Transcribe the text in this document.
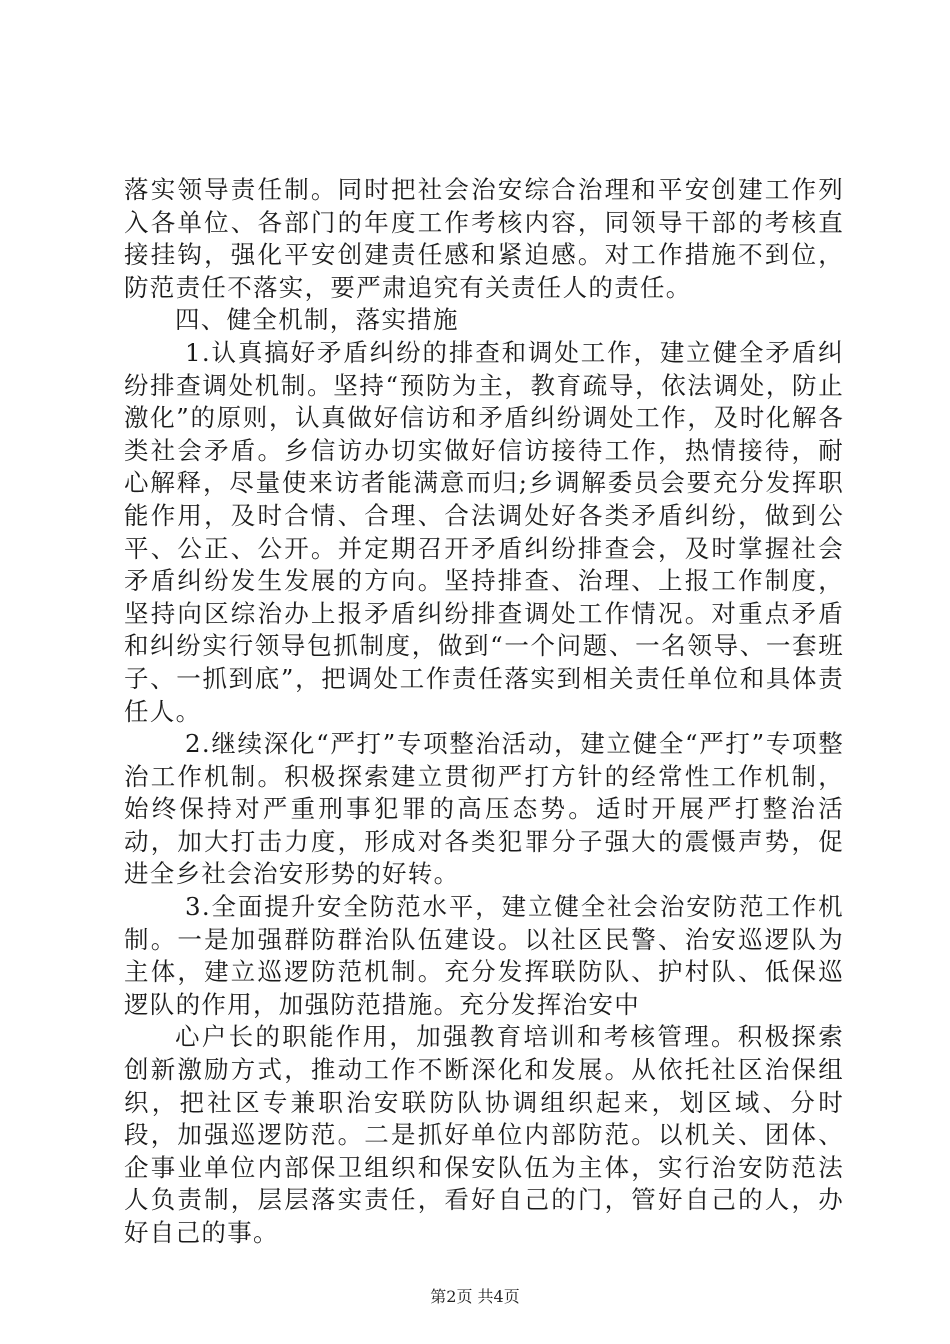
落实领导责任制。同时把社会治安综合治理和平安创建工作列入各单位、各部门的年度工作考核内容，同领导干部的考核直接挂钩，强化平安创建责任感和紧迫感。对工作措施不到位，防范责任不落实，要严肃追究有关责任人的责任。

四、健全机制，落实措施

1.认真搞好矛盾纠纷的排查和调处工作，建立健全矛盾纠纷排查调处机制。坚持“预防为主，教育疏导，依法调处，防止激化”的原则，认真做好信访和矛盾纠纷调处工作，及时化解各类社会矛盾。乡信访办切实做好信访接待工作，热情接待，耐心解释，尽量使来访者能满意而归;乡调解委员会要充分发挥职能作用，及时合情、合理、合法调处好各类矛盾纠纷，做到公平、公正、公开。并定期召开矛盾纠纷排查会，及时掌握社会矛盾纠纷发生发展的方向。坚持排查、治理、上报工作制度，坚持向区综治办上报矛盾纠纷排查调处工作情况。对重点矛盾和纠纷实行领导包抓制度，做到“一个问题、一名领导、一套班子、一抓到底”，把调处工作责任落实到相关责任单位和具体责任人。

2.继续深化“严打”专项整治活动，建立健全“严打”专项整治工作机制。积极探索建立贯彻严打方针的经常性工作机制，始终保持对严重刑事犯罪的高压态势。适时开展严打整治活动，加大打击力度，形成对各类犯罪分子强大的震慑声势，促进全乡社会治安形势的好转。

3.全面提升安全防范水平，建立健全社会治安防范工作机制。一是加强群防群治队伍建设。以社区民警、治安巡逻队为主体，建立巡逻防范机制。充分发挥联防队、护村队、低保巡逻队的作用，加强防范措施。充分发挥治安中

心户长的职能作用，加强教育培训和考核管理。积极探索创新激励方式，推动工作不断深化和发展。从依托社区治保组织，把社区专兼职治安联防队协调组织起来，划区域、分时段，加强巡逻防范。二是抓好单位内部防范。以机关、团体、企事业单位内部保卫组织和保安队伍为主体，实行治安防范法人负责制，层层落实责任，看好自己的门，管好自己的人，办好自己的事。

第2页 共4页
